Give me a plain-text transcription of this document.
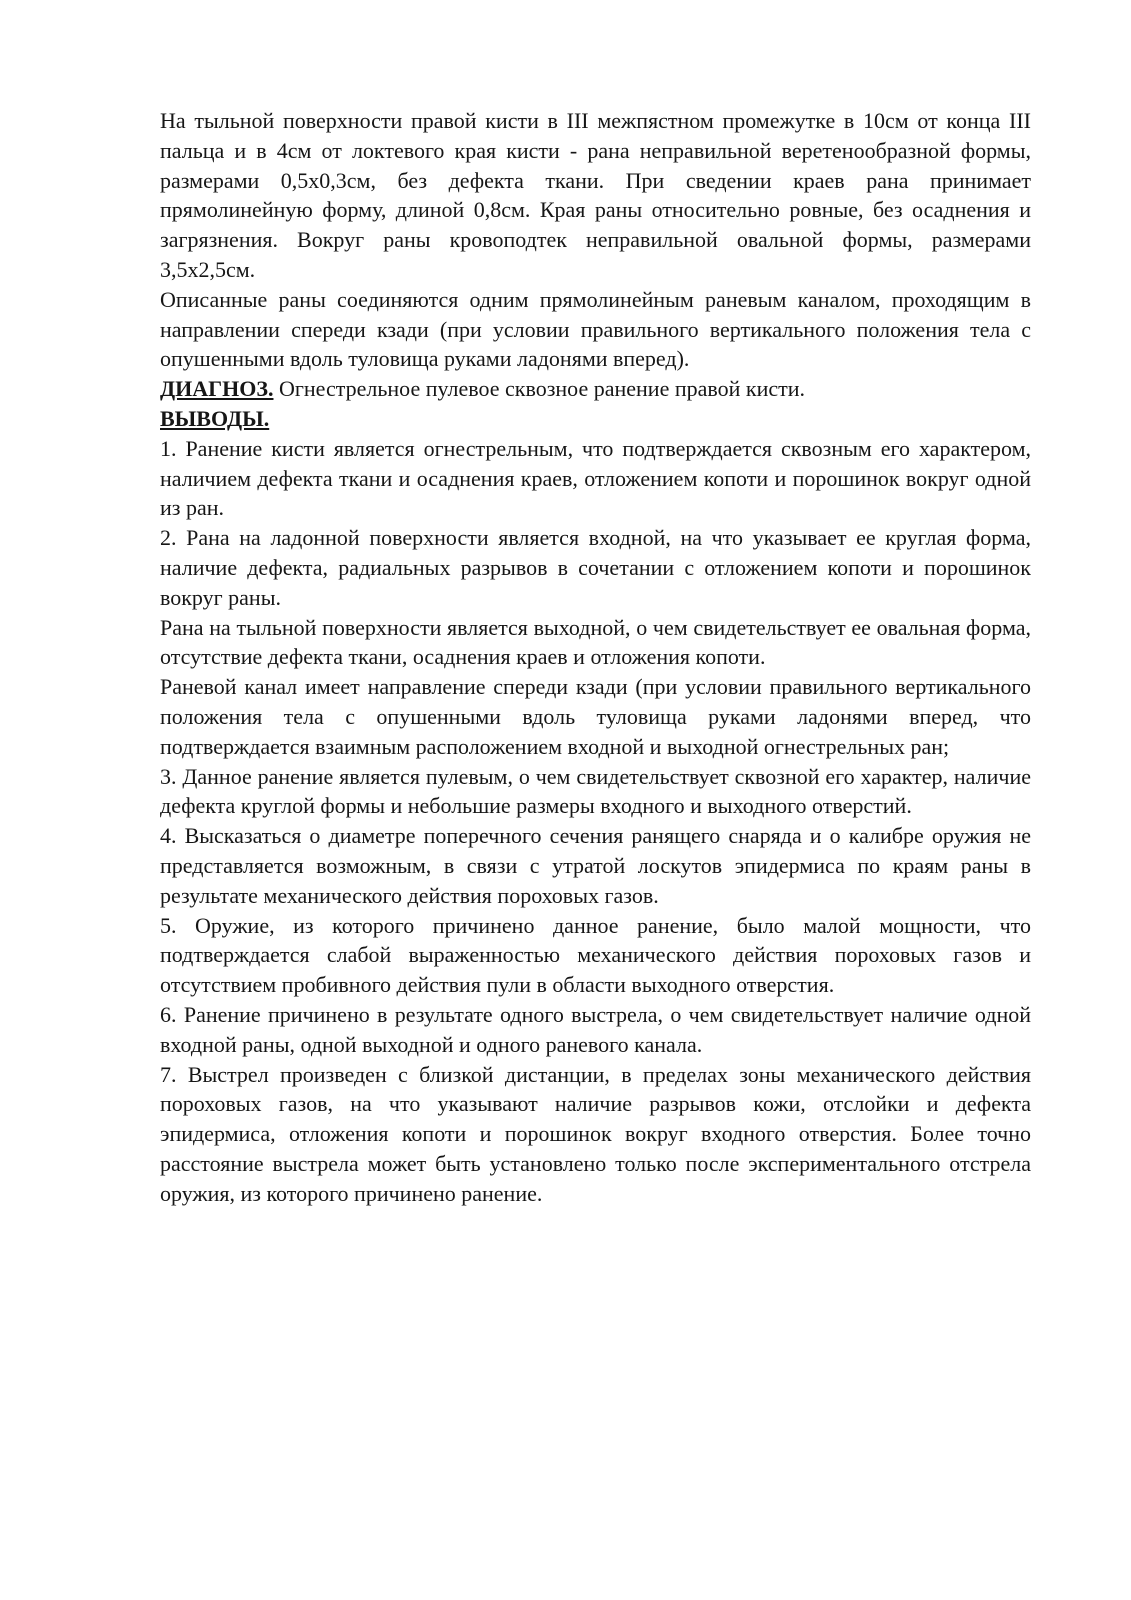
На тыльной поверхности правой кисти в III межпястном промежутке в 10см от конца III пальца и в 4см от локтевого края кисти - рана неправильной веретенообразной формы, размерами 0,5х0,3см, без дефекта ткани. При сведении краев рана принимает прямолинейную форму, длиной 0,8см. Края раны относительно ровные, без осаднения и загрязнения. Вокруг раны кровоподтек неправильной овальной формы, размерами 3,5х2,5см.

Описанные раны соединяются одним прямолинейным раневым каналом, проходящим в направлении спереди кзади (при условии правильного вертикального положения тела с опушенными вдоль туловища руками ладонями вперед).

ДИАГНОЗ. Огнестрельное пулевое сквозное ранение правой кисти.

ВЫВОДЫ.

1. Ранение кисти является огнестрельным, что подтверждается сквозным его характером, наличием дефекта ткани и осаднения краев, отложением копоти и порошинок вокруг одной из ран.

2. Рана на ладонной поверхности является входной, на что указывает ее круглая форма, наличие дефекта, радиальных разрывов в сочетании с отложением копоти и порошинок вокруг раны.

Рана на тыльной поверхности является выходной, о чем свидетельствует ее овальная форма, отсутствие дефекта ткани, осаднения краев и отложения копоти.

Раневой канал имеет направление спереди кзади (при условии правильного вертикального положения тела с опушенными вдоль туловища руками ладонями вперед, что подтверждается взаимным расположением входной и выходной огнестрельных ран;

3. Данное ранение является пулевым, о чем свидетельствует сквозной его характер, наличие дефекта круглой формы и небольшие размеры входного и выходного отверстий.

4. Высказаться о диаметре поперечного сечения ранящего снаряда и о калибре оружия не представляется возможным, в связи с утратой лоскутов эпидермиса по краям раны в результате механического действия пороховых газов.

5. Оружие, из которого причинено данное ранение, было малой мощности, что подтверждается слабой выраженностью механического действия пороховых газов и отсутствием пробивного действия пули в области выходного отверстия.

6. Ранение причинено в результате одного выстрела, о чем свидетельствует наличие одной входной раны, одной выходной и одного раневого канала.

7. Выстрел произведен с близкой дистанции, в пределах зоны механического действия пороховых газов, на что указывают наличие разрывов кожи, отслойки и дефекта эпидермиса, отложения копоти и порошинок вокруг входного отверстия. Более точно расстояние выстрела может быть установлено только после экспериментального отстрела оружия, из которого причинено ранение.
